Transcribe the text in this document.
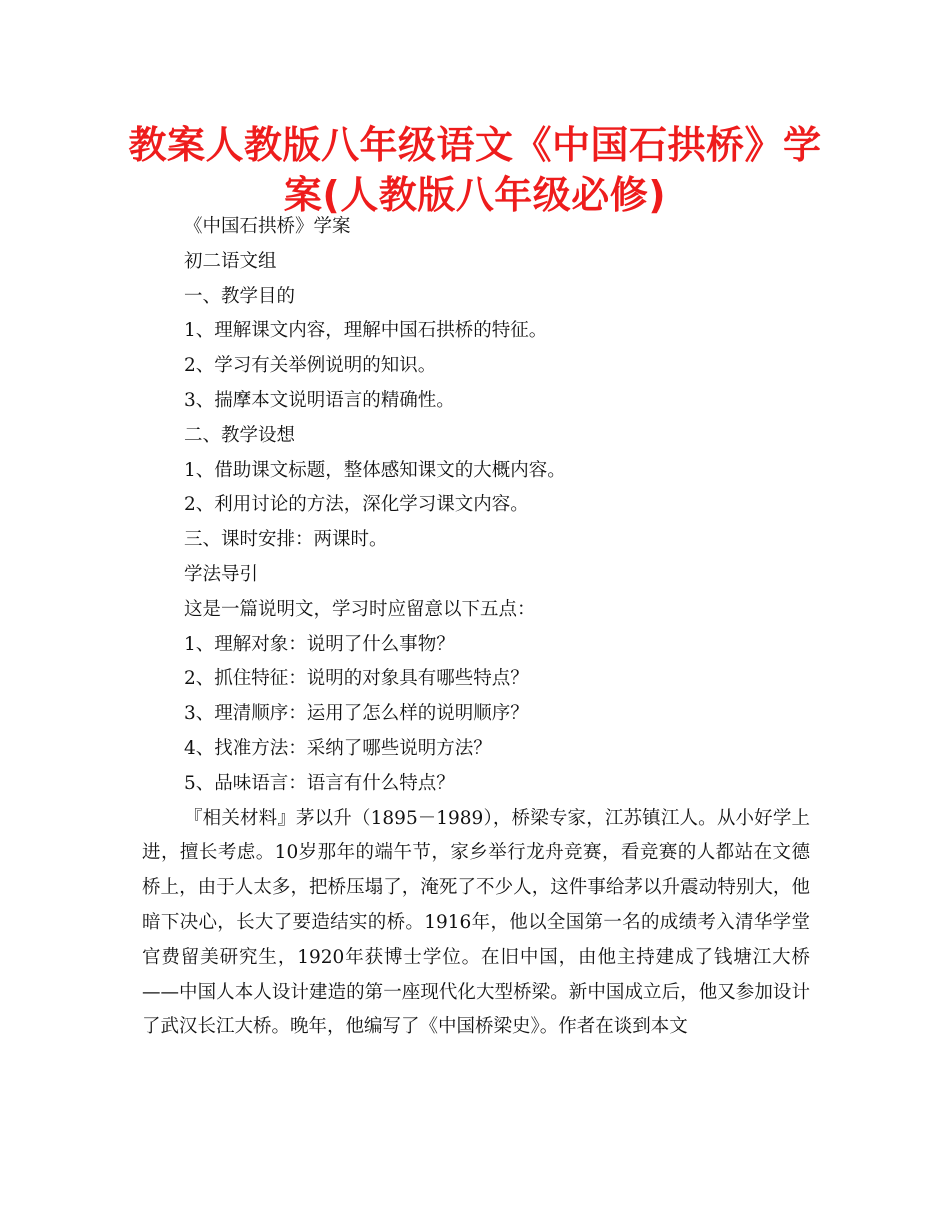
教案人教版八年级语文《中国石拱桥》学案(人教版八年级必修)
《中国石拱桥》学案
初二语文组
一、教学目的
1、理解课文内容，理解中国石拱桥的特征。
2、学习有关举例说明的知识。
3、揣摩本文说明语言的精确性。
二、教学设想
1、借助课文标题，整体感知课文的大概内容。
2、利用讨论的方法，深化学习课文内容。
三、课时安排：两课时。
学法导引
这是一篇说明文，学习时应留意以下五点：
1、理解对象：说明了什么事物？
2、抓住特征：说明的对象具有哪些特点？
3、理清顺序：运用了怎么样的说明顺序？
4、找准方法：采纳了哪些说明方法？
5、品味语言：语言有什么特点？

『相关材料』茅以升（1895－1989），桥梁专家，江苏镇江人。从小好学上进，擅长考虑。10岁那年的端午节，家乡举行龙舟竞赛，看竞赛的人都站在文德桥上，由于人太多，把桥压塌了，淹死了不少人，这件事给茅以升震动特别大，他暗下决心，长大了要造结实的桥。1916年，他以全国第一名的成绩考入清华学堂官费留美研究生，1920年获博士学位。在旧中国，由他主持建成了钱塘江大桥——中国人本人设计建造的第一座现代化大型桥梁。新中国成立后，他又参加设计了武汉长江大桥。晚年，他编写了《中国桥梁史》。作者在谈到本文
